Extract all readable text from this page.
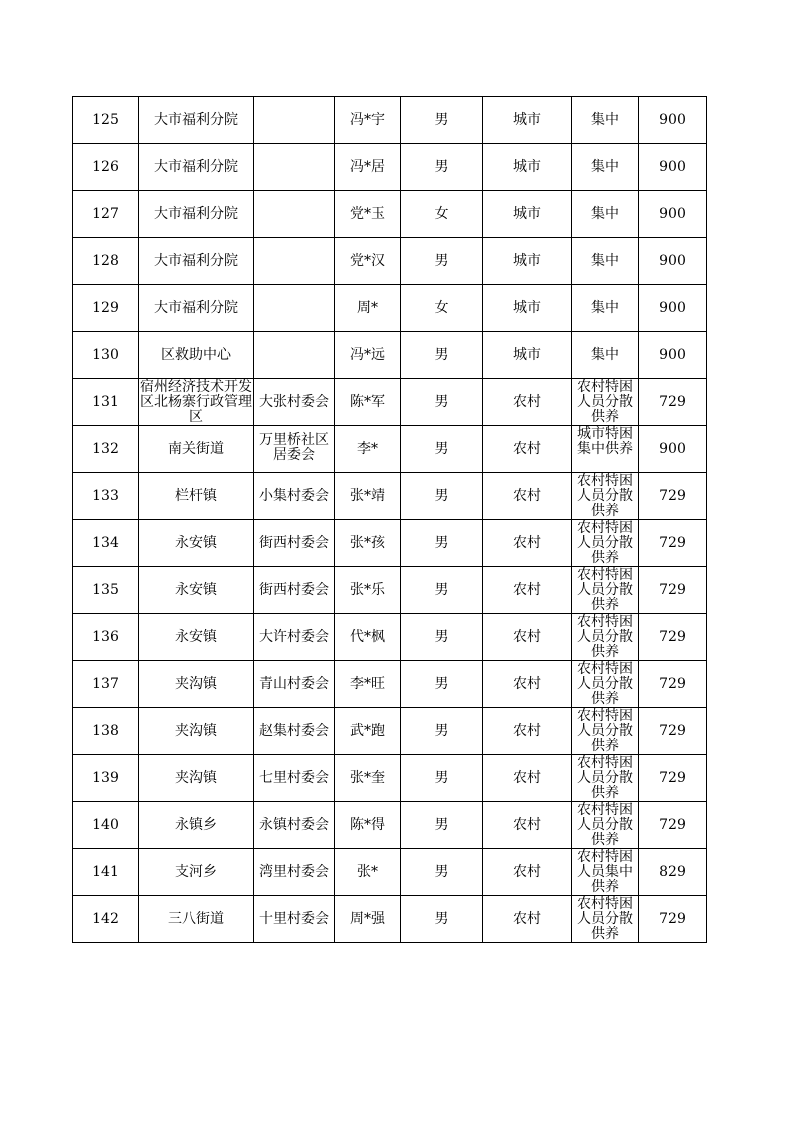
125	大市福利分院		冯*宇	男	城市	集中	900
126	大市福利分院		冯*居	男	城市	集中	900
127	大市福利分院		党*玉	女	城市	集中	900
128	大市福利分院		党*汉	男	城市	集中	900
129	大市福利分院		周*	女	城市	集中	900
130	区救助中心		冯*远	男	城市	集中	900
131	宿州经济技术开发区北杨寨行政管理区	大张村委会	陈*军	男	农村	农村特困人员分散供养	729
132	南关街道	万里桥社区居委会	李*	男	农村	城市特困集中供养	900
133	栏杆镇	小集村委会	张*靖	男	农村	农村特困人员分散供养	729
134	永安镇	街西村委会	张*孩	男	农村	农村特困人员分散供养	729
135	永安镇	街西村委会	张*乐	男	农村	农村特困人员分散供养	729
136	永安镇	大许村委会	代*枫	男	农村	农村特困人员分散供养	729
137	夹沟镇	青山村委会	李*旺	男	农村	农村特困人员分散供养	729
138	夹沟镇	赵集村委会	武*跑	男	农村	农村特困人员分散供养	729
139	夹沟镇	七里村委会	张*奎	男	农村	农村特困人员分散供养	729
140	永镇乡	永镇村委会	陈*得	男	农村	农村特困人员分散供养	729
141	支河乡	湾里村委会	张*	男	农村	农村特困人员集中供养	829
142	三八街道	十里村委会	周*强	男	农村	农村特困人员分散供养	729
